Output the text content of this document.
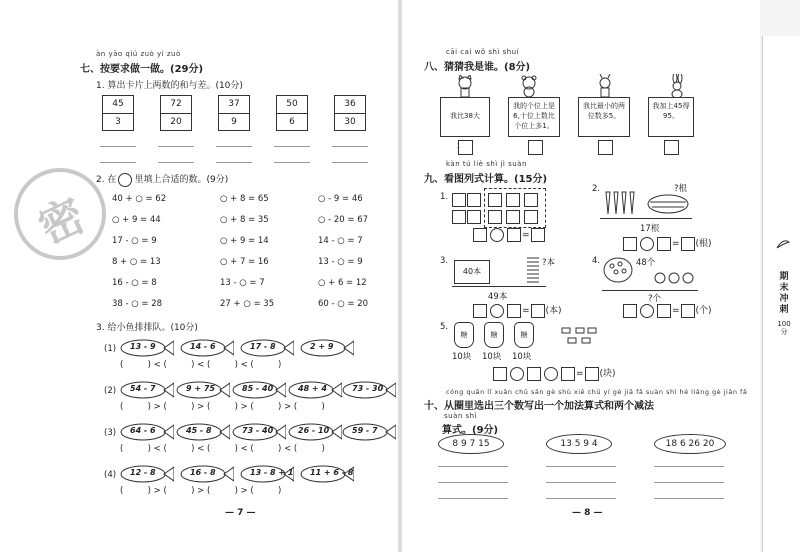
àn yāo qiú zuò yi zuò
七、按要求做一做。(29分)
1. 算出卡片上两数的和与差。(10分)
45
3
72
20
37
9
50
6
36
30
2. 在 里填上合适的数。(9分)
40 + ○ = 62	○ + 8 = 65	○ - 9 = 46
○ + 9 = 44	○ + 8 = 35	○ - 20 = 67
17 - ○ = 9	○ + 9 = 14	14 - ○ = 7
8 + ○ = 13	○ + 7 = 16	13 - ○ = 9
16 - ○ = 8	13 - ○ = 7	○ + 6 = 12
38 - ○ = 28	27 + ○ = 35	60 - ○ = 20
3. 给小鱼排排队。(10分)
(1) 13 - 9	14 - 6	17 - 8	2 + 9
(         ) < (         ) < (         ) < (         )
(2) 54 - 7	9 + 75	85 - 40	48 + 4	73 - 30
(         ) > (         ) > (         ) > (         ) > (         )
(3) 64 - 6	45 - 8	73 - 40	26 - 10	59 - 7
(         ) < (         ) < (         ) < (         ) < (         )
(4) 12 - 8	16 - 8	13 - 8 + 1 11 + 6 - 8
(         ) > (         ) > (         ) > (         )
— 7 —
密
cāi cai wǒ shì shuí
八、猜猜我是谁。(8分)
我比38大
我的个位上是6,十位上数比个位上多1。
我比最小的两位数多5。
我加上45得95。
kàn tú liè shì jì suàn
九、看图列式计算。(15分)
1.
=
2.	?根
17根
= (根)
3.
40本
?本
49本
= (本)
4.	48个
?个
= (个)
5.
糖	糖	糖
10块 10块 10块
= (块)
cóng quān lǐ xuǎn chū sān gè shù xiě chū yí gè jiā fǎ suàn shì hé liǎng gè jiǎn fǎ
十、从圈里选出三个数写出一个加法算式和两个减法
suàn shì
算式。(9分)
8 9 7 15	13 5 9 4	18 6 26 20
— 8 —
期末冲刺
100分
